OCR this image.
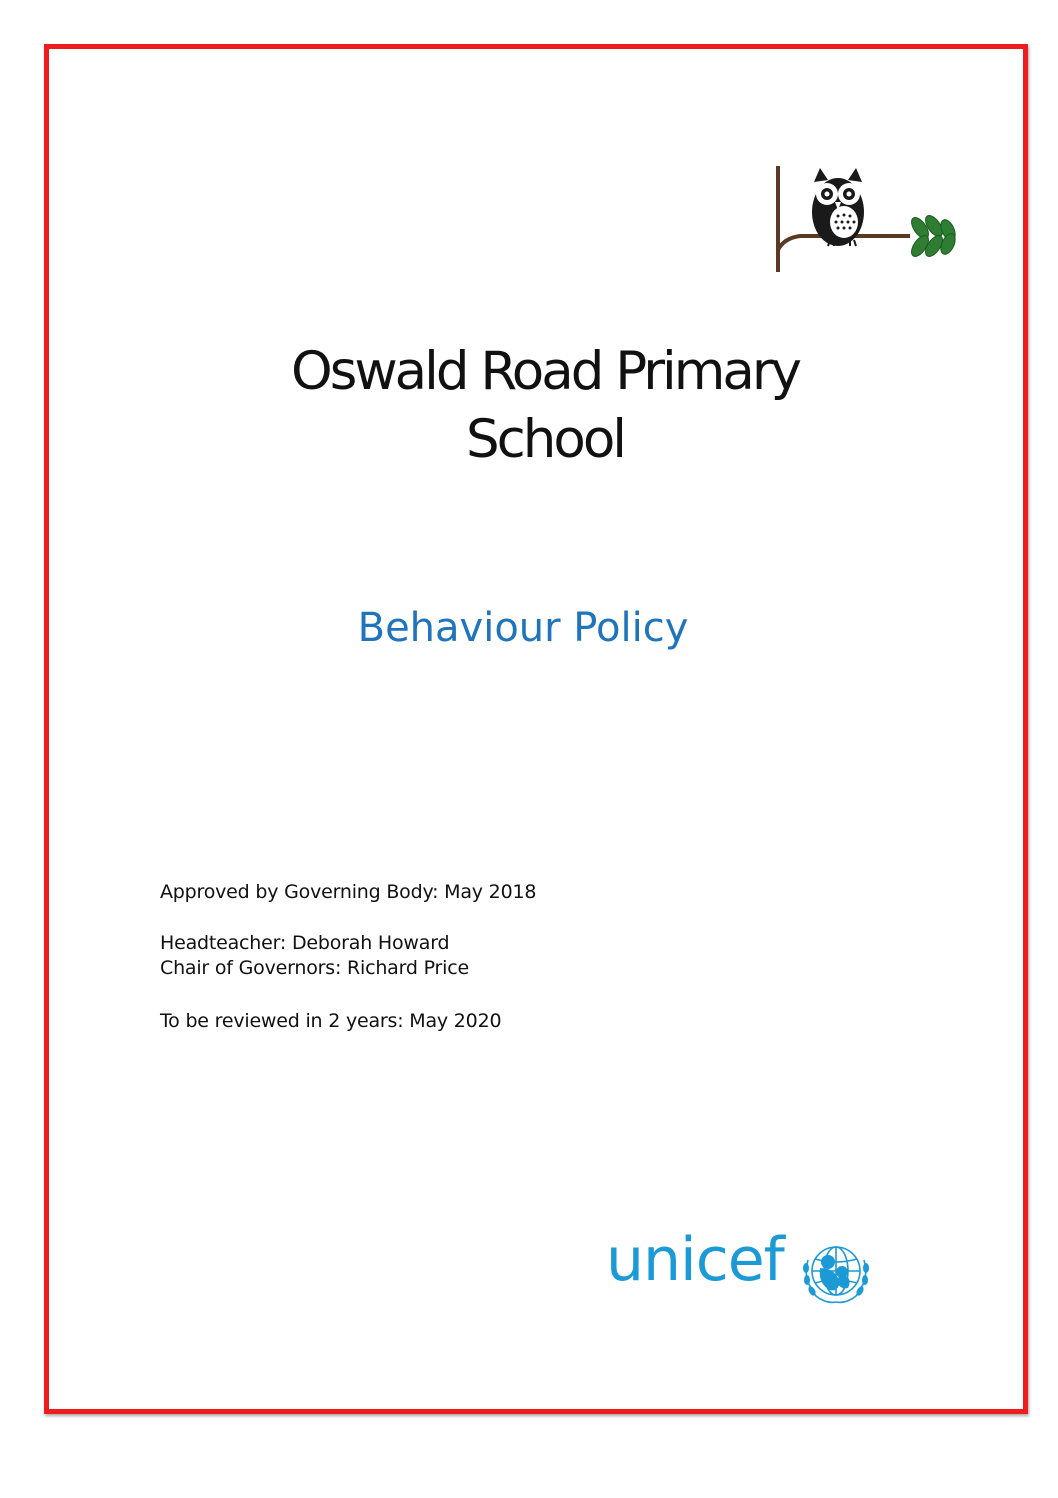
Oswald Road Primary
School
Behaviour Policy
Approved by Governing Body: May 2018
Headteacher: Deborah Howard
Chair of Governors: Richard Price
To be reviewed in 2 years: May 2020
unicef
